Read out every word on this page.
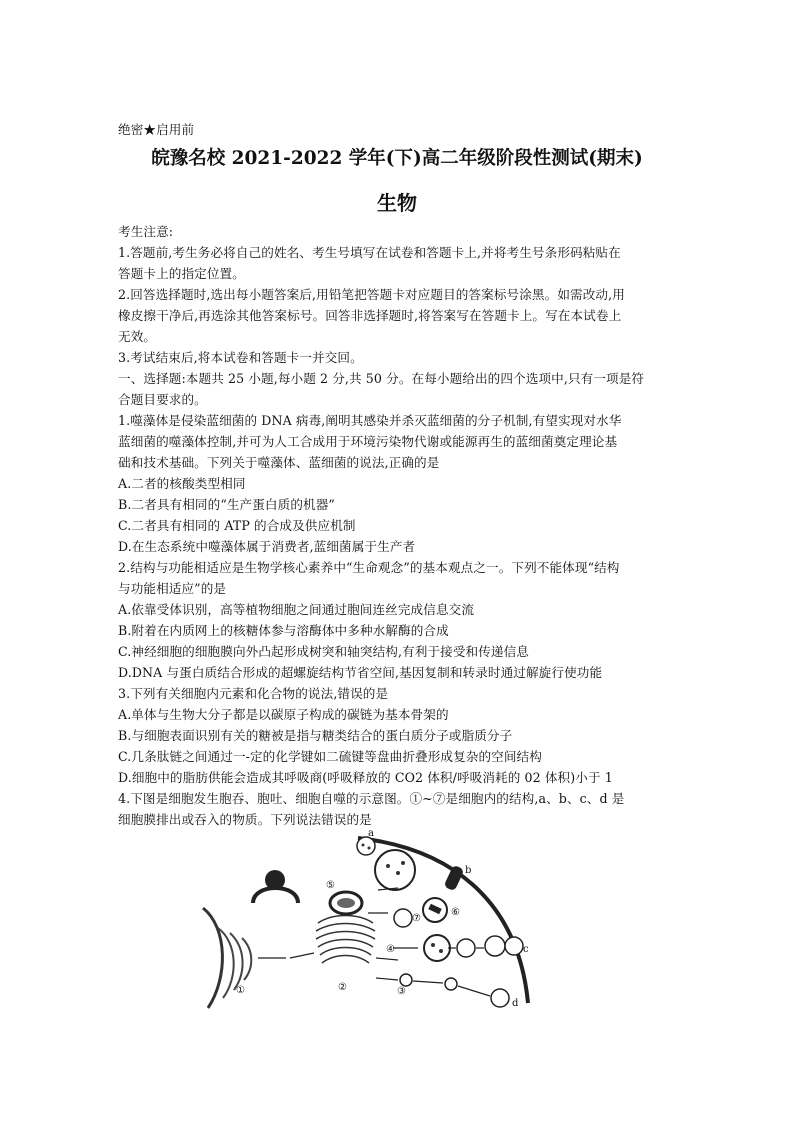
绝密★启用前
皖豫名校 2021-2022 学年(下)高二年级阶段性测试(期末)
生物
考生注意:
1.答题前,考生务必将自己的姓名、考生号填写在试卷和答题卡上,并将考生号条形码粘贴在
答题卡上的指定位置。
2.回答选择题时,选出每小题答案后,用铅笔把答题卡对应题目的答案标号涂黑。如需改动,用
橡皮擦干净后,再选涂其他答案标号。回答非选择题时,将答案写在答题卡上。写在本试卷上
无效。
3.考试结束后,将本试卷和答题卡一并交回。
一、选择题:本题共 25 小题,每小题 2 分,共 50 分。在每小题给出的四个选项中,只有一项是符
合题目要求的。
1.噬藻体是侵染蓝细菌的 DNA 病毒,阐明其感染并杀灭蓝细菌的分子机制,有望实现对水华
蓝细菌的噬藻体控制,并可为人工合成用于环境污染物代谢或能源再生的蓝细菌奠定理论基
础和技术基础。下列关于噬藻体、蓝细菌的说法,正确的是
A.二者的核酸类型相同
B.二者具有相同的“生产蛋白质的机器”
C.二者具有相同的 ATP 的合成及供应机制
D.在生态系统中噬藻体属于消费者,蓝细菌属于生产者
2.结构与功能相适应是生物学核心素养中“生命观念”的基本观点之一。下列不能体现“结构
与功能相适应”的是
A.依靠受体识别，高等植物细胞之间通过胞间连丝完成信息交流
B.附着在内质网上的核糖体参与溶酶体中多种水解酶的合成
C.神经细胞的细胞膜向外凸起形成树突和轴突结构,有利于接受和传递信息
D.DNA 与蛋白质结合形成的超螺旋结构节省空间,基因复制和转录时通过解旋行使功能
3.下列有关细胞内元素和化合物的说法,错误的是
A.单体与生物大分子都是以碳原子构成的碳链为基本骨架的
B.与细胞表面识别有关的糖被是指与糖类结合的蛋白质分子或脂质分子
C.几条肽链之间通过一-定的化学键如二硫键等盘曲折叠形成复杂的空间结构
D.细胞中的脂肪供能会造成其呼吸商(呼吸释放的 CO2 体积/呼吸消耗的 02 体积)小于 1
4.下图是细胞发生胞吞、胞吐、细胞自噬的示意图。①~⑦是细胞内的结构,a、b、c、d 是
细胞膜排出或吞入的物质。下列说法错误的是
a
b
c
d
①	②	③
④
⑤
⑥
⑦
